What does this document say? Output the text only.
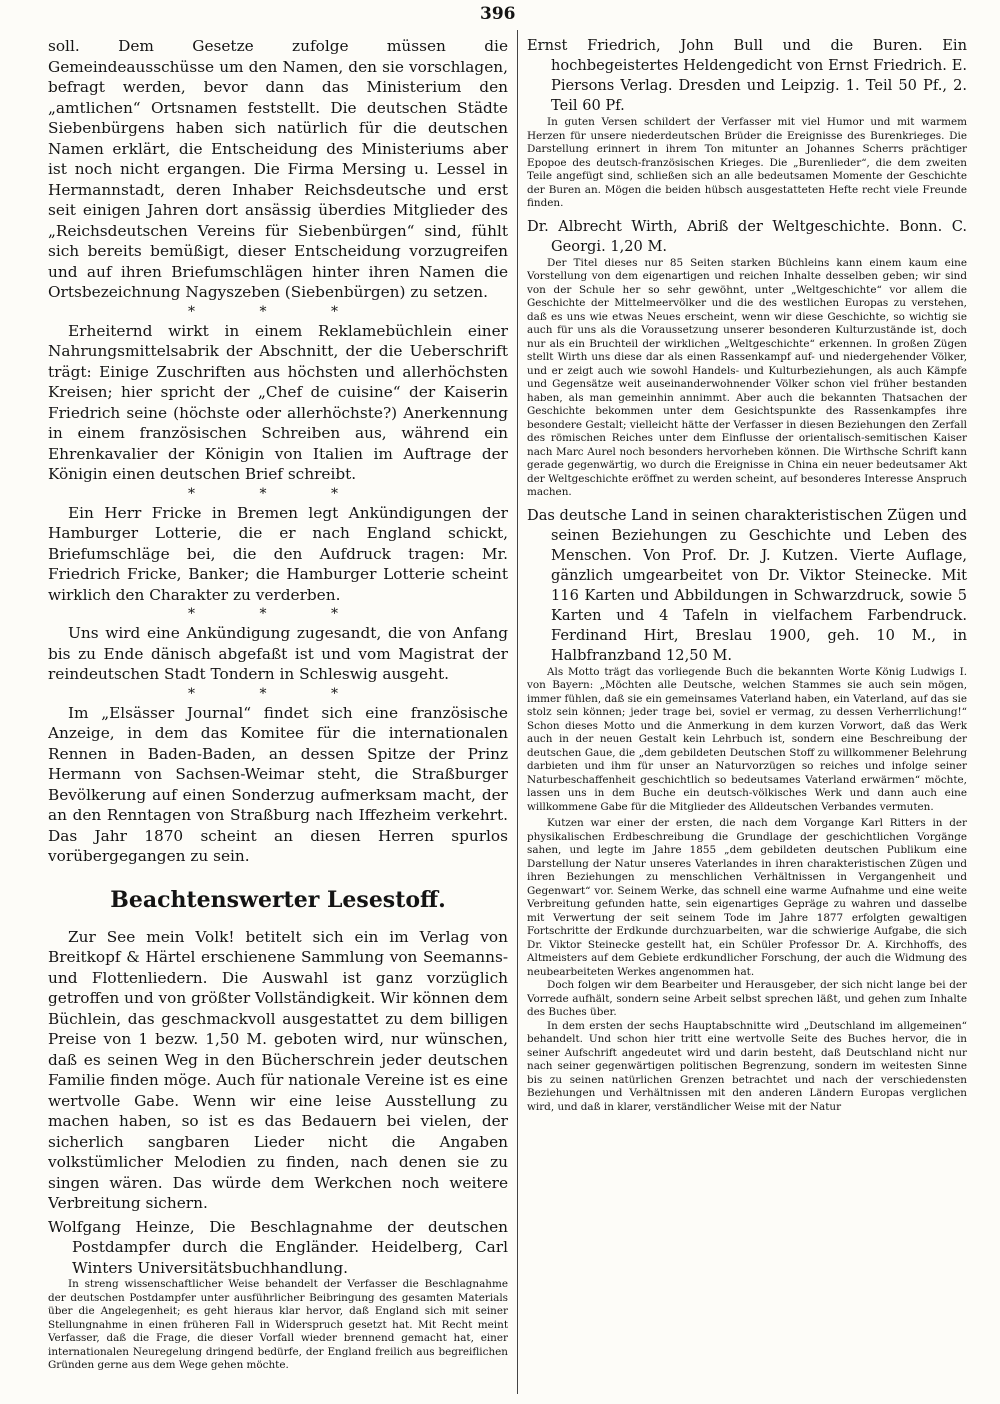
396

soll. Dem Gesetze zufolge müssen die Gemeindeausschüsse um den Namen, den sie vorschlagen, befragt werden, bevor dann das Ministerium den „amtlichen“ Ortsnamen feststellt. Die deutschen Städte Siebenbürgens haben sich natürlich für die deutschen Namen erklärt, die Entscheidung des Ministeriums aber ist noch nicht ergangen. Die Firma Mersing u. Lessel in Hermannstadt, deren Inhaber Reichsdeutsche und erst seit einigen Jahren dort ansässig überdies Mitglieder des „Reichsdeutschen Vereins für Siebenbürgen“ sind, fühlt sich bereits bemüßigt, dieser Entscheidung vorzugreifen und auf ihren Briefumschlägen hinter ihren Namen die Ortsbezeichnung Nagyszeben (Siebenbürgen) zu setzen.

* * *

Erheiternd wirkt in einem Reklamebüchlein einer Nahrungsmittelsabrik der Abschnitt, der die Ueberschrift trägt: Einige Zuschriften aus höchsten und allerhöchsten Kreisen; hier spricht der „Chef de cuisine“ der Kaiserin Friedrich seine (höchste oder allerhöchste?) Anerkennung in einem französischen Schreiben aus, während ein Ehrenkavalier der Königin von Italien im Auftrage der Königin einen deutschen Brief schreibt.

* * *

Ein Herr Fricke in Bremen legt Ankündigungen der Hamburger Lotterie, die er nach England schickt, Briefumschläge bei, die den Aufdruck tragen: Mr. Friedrich Fricke, Banker; die Hamburger Lotterie scheint wirklich den Charakter zu verderben.

* * *

Uns wird eine Ankündigung zugesandt, die von Anfang bis zu Ende dänisch abgefaßt ist und vom Magistrat der reindeutschen Stadt Tondern in Schleswig ausgeht.

* * *

Im „Elsässer Journal“ findet sich eine französische Anzeige, in dem das Komitee für die internationalen Rennen in Baden-Baden, an dessen Spitze der Prinz Hermann von Sachsen-Weimar steht, die Straßburger Bevölkerung auf einen Sonderzug aufmerksam macht, der an den Renntagen von Straßburg nach Iffezheim verkehrt. Das Jahr 1870 scheint an diesen Herren spurlos vorübergegangen zu sein.

Beachtenswerter Lesestoff.

Zur See mein Volk! betitelt sich ein im Verlag von Breitkopf & Härtel erschienene Sammlung von Seemanns- und Flottenliedern. Die Auswahl ist ganz vorzüglich getroffen und von größter Vollständigkeit. Wir können dem Büchlein, das geschmackvoll ausgestattet zu dem billigen Preise von 1 bezw. 1,50 M. geboten wird, nur wünschen, daß es seinen Weg in den Bücherschrein jeder deutschen Familie finden möge. Auch für nationale Vereine ist es eine wertvolle Gabe. Wenn wir eine leise Ausstellung zu machen haben, so ist es das Bedauern bei vielen, der sicherlich sangbaren Lieder nicht die Angaben volkstümlicher Melodien zu finden, nach denen sie zu singen wären. Das würde dem Werkchen noch weitere Verbreitung sichern.

Wolfgang Heinze, Die Beschlagnahme der deutschen Postdampfer durch die Engländer. Heidelberg, Carl Winters Universitätsbuchhandlung.

In streng wissenschaftlicher Weise behandelt der Verfasser die Beschlagnahme der deutschen Postdampfer unter ausführlicher Beibringung des gesamten Materials über die Angelegenheit; es geht hieraus klar hervor, daß England sich mit seiner Stellungnahme in einen früheren Fall in Widerspruch gesetzt hat. Mit Recht meint Verfasser, daß die Frage, die dieser Vorfall wieder brennend gemacht hat, einer internationalen Neuregelung dringend bedürfe, der England freilich aus begreiflichen Gründen gerne aus dem Wege gehen möchte.

Ernst Friedrich, John Bull und die Buren. Ein hochbegeistertes Heldengedicht von Ernst Friedrich. E. Piersons Verlag. Dresden und Leipzig. 1. Teil 50 Pf., 2. Teil 60 Pf.

In guten Versen schildert der Verfasser mit viel Humor und mit warmem Herzen für unsere niederdeutschen Brüder die Ereignisse des Burenkrieges. Die Darstellung erinnert in ihrem Ton mitunter an Johannes Scherrs prächtiger Epopoe des deutsch-französischen Krieges. Die „Burenlieder“, die dem zweiten Teile angefügt sind, schließen sich an alle bedeutsamen Momente der Geschichte der Buren an. Mögen die beiden hübsch ausgestatteten Hefte recht viele Freunde finden.

Dr. Albrecht Wirth, Abriß der Weltgeschichte. Bonn. C. Georgi. 1,20 M.

Der Titel dieses nur 85 Seiten starken Büchleins kann einem kaum eine Vorstellung von dem eigenartigen und reichen Inhalte desselben geben; wir sind von der Schule her so sehr gewöhnt, unter „Weltgeschichte“ vor allem die Geschichte der Mittelmeervölker und die des westlichen Europas zu verstehen, daß es uns wie etwas Neues erscheint, wenn wir diese Geschichte, so wichtig sie auch für uns als die Voraussetzung unserer besonderen Kulturzustände ist, doch nur als ein Bruchteil der wirklichen „Weltgeschichte“ erkennen. In großen Zügen stellt Wirth uns diese dar als einen Rassenkampf auf- und niedergehender Völker, und er zeigt auch wie sowohl Handels- und Kulturbeziehungen, als auch Kämpfe und Gegensätze weit auseinanderwohnender Völker schon viel früher bestanden haben, als man gemeinhin annimmt. Aber auch die bekannten Thatsachen der Geschichte bekommen unter dem Gesichtspunkte des Rassenkampfes ihre besondere Gestalt; vielleicht hätte der Verfasser in diesen Beziehungen den Zerfall des römischen Reiches unter dem Einflusse der orientalisch-semitischen Kaiser nach Marc Aurel noch besonders hervorheben können. Die Wirthsche Schrift kann gerade gegenwärtig, wo durch die Ereignisse in China ein neuer bedeutsamer Akt der Weltgeschichte eröffnet zu werden scheint, auf besonderes Interesse Anspruch machen.

Das deutsche Land in seinen charakteristischen Zügen und seinen Beziehungen zu Geschichte und Leben des Menschen. Von Prof. Dr. J. Kutzen. Vierte Auflage, gänzlich umgearbeitet von Dr. Viktor Steinecke. Mit 116 Karten und Abbildungen in Schwarzdruck, sowie 5 Karten und 4 Tafeln in vielfachem Farbendruck. Ferdinand Hirt, Breslau 1900, geh. 10 M., in Halbfranzband 12,50 M.

Als Motto trägt das vorliegende Buch die bekannten Worte König Ludwigs I. von Bayern: „Möchten alle Deutsche, welchen Stammes sie auch sein mögen, immer fühlen, daß sie ein gemeinsames Vaterland haben, ein Vaterland, auf das sie stolz sein können; jeder trage bei, soviel er vermag, zu dessen Verherrlichung!“ Schon dieses Motto und die Anmerkung in dem kurzen Vorwort, daß das Werk auch in der neuen Gestalt kein Lehrbuch ist, sondern eine Beschreibung der deutschen Gaue, die „dem gebildeten Deutschen Stoff zu willkommener Belehrung darbieten und ihm für unser an Naturvorzügen so reiches und infolge seiner Naturbeschaffenheit geschichtlich so bedeutsames Vaterland erwärmen“ möchte, lassen uns in dem Buche ein deutsch-völkisches Werk und dann auch eine willkommene Gabe für die Mitglieder des Alldeutschen Verbandes vermuten.

Kutzen war einer der ersten, die nach dem Vorgange Karl Ritters in der physikalischen Erdbeschreibung die Grundlage der geschichtlichen Vorgänge sahen, und legte im Jahre 1855 „dem gebildeten deutschen Publikum eine Darstellung der Natur unseres Vaterlandes in ihren charakteristischen Zügen und ihren Beziehungen zu menschlichen Verhältnissen in Vergangenheit und Gegenwart“ vor. Seinem Werke, das schnell eine warme Aufnahme und eine weite Verbreitung gefunden hatte, sein eigenartiges Gepräge zu wahren und dasselbe mit Verwertung der seit seinem Tode im Jahre 1877 erfolgten gewaltigen Fortschritte der Erdkunde durchzuarbeiten, war die schwierige Aufgabe, die sich Dr. Viktor Steinecke gestellt hat, ein Schüler Professor Dr. A. Kirchhoffs, des Altmeisters auf dem Gebiete erdkundlicher Forschung, der auch die Widmung des neubearbeiteten Werkes angenommen hat.

Doch folgen wir dem Bearbeiter und Herausgeber, der sich nicht lange bei der Vorrede aufhält, sondern seine Arbeit selbst sprechen läßt, und gehen zum Inhalte des Buches über.

In dem ersten der sechs Hauptabschnitte wird „Deutschland im allgemeinen“ behandelt. Und schon hier tritt eine wertvolle Seite des Buches hervor, die in seiner Aufschrift angedeutet wird und darin besteht, daß Deutschland nicht nur nach seiner gegenwärtigen politischen Begrenzung, sondern im weitesten Sinne bis zu seinen natürlichen Grenzen betrachtet und nach der verschiedensten Beziehungen und Verhältnissen mit den anderen Ländern Europas verglichen wird, und daß in klarer, verständlicher Weise mit der Natur
